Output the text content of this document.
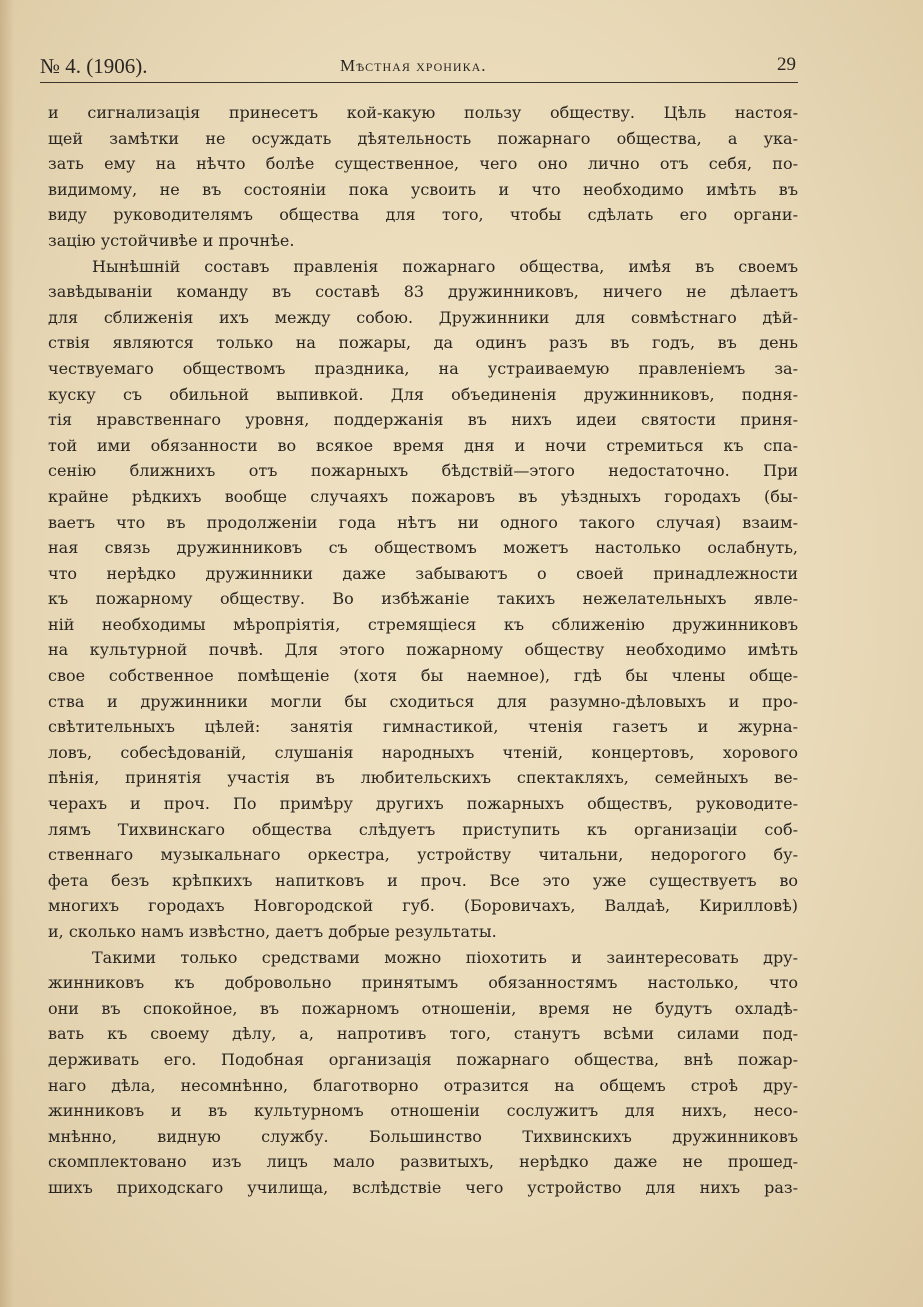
№ 4. (1906).	Мѣстная хроника.	29

и сигнализація принесетъ кой-какую пользу обществу. Цѣль настоя-
щей замѣтки не осуждать дѣятельность пожарнаго общества, а ука-
зать ему на нѣчто болѣе существенное, чего оно лично отъ себя, по-
видимому, не въ состояніи пока усвоить и что необходимо имѣть въ
виду руководителямъ общества для того, чтобы сдѣлать его органи-
зацію устойчивѣе и прочнѣе.

Нынѣшній составъ правленія пожарнаго общества, имѣя въ своемъ
завѣдываніи команду въ составѣ 83 дружинниковъ, ничего не дѣлаетъ
для сближенія ихъ между собою. Дружинники для совмѣстнаго дѣй-
ствія являются только на пожары, да одинъ разъ въ годъ, въ день
чествуемаго обществомъ праздника, на устраиваемую правленіемъ за-
куску съ обильной выпивкой. Для объединенія дружинниковъ, подня-
тія нравственнаго уровня, поддержанія въ нихъ идеи святости приня-
той ими обязанности во всякое время дня и ночи стремиться къ спа-
сенію ближнихъ отъ пожарныхъ бѣдствій—этого недостаточно. При
крайне рѣдкихъ вообще случаяхъ пожаровъ въ уѣздныхъ городахъ (бы-
ваетъ что въ продолженіи года нѣтъ ни одного такого случая) взаим-
ная связь дружинниковъ съ обществомъ можетъ настолько ослабнуть,
что нерѣдко дружинники даже забываютъ о своей принадлежности
къ пожарному обществу. Во избѣжаніе такихъ нежелательныхъ явле-
ній необходимы мѣропріятія, стремящіеся къ сближенію дружинниковъ
на культурной почвѣ. Для этого пожарному обществу необходимо имѣть
свое собственное помѣщеніе (хотя бы наемное), гдѣ бы члены обще-
ства и дружинники могли бы сходиться для разумно-дѣловыхъ и про-
свѣтительныхъ цѣлей: занятія гимнастикой, чтенія газетъ и журна-
ловъ, собесѣдованій, слушанія народныхъ чтеній, концертовъ, хорового
пѣнія, принятія участія въ любительскихъ спектакляхъ, семейныхъ ве-
черахъ и проч. По примѣру другихъ пожарныхъ обществъ, руководите-
лямъ Тихвинскаго общества слѣдуетъ приступить къ организаціи соб-
ственнаго музыкальнаго оркестра, устройству читальни, недорогого бу-
фета безъ крѣпкихъ напитковъ и проч. Все это уже существуетъ во
многихъ городахъ Новгородской губ. (Боровичахъ, Валдаѣ, Кирилловѣ)
и, сколько намъ извѣстно, даетъ добрые результаты.

Такими только средствами можно піохотить и заинтересовать дру-
жинниковъ къ добровольно принятымъ обязанностямъ настолько, что
они въ спокойное, въ пожарномъ отношеніи, время не будутъ охладѣ-
вать къ своему дѣлу, а, напротивъ того, станутъ всѣми силами под-
держивать его. Подобная организація пожарнаго общества, внѣ пожар-
наго дѣла, несомнѣнно, благотворно отразится на общемъ строѣ дру-
жинниковъ и въ культурномъ отношеніи сослужитъ для нихъ, несо-
мнѣнно, видную службу. Большинство Тихвинскихъ дружинниковъ
скомплектовано изъ лицъ мало развитыхъ, нерѣдко даже не прошед-
шихъ приходскаго училища, вслѣдствіе чего устройство для нихъ раз-
